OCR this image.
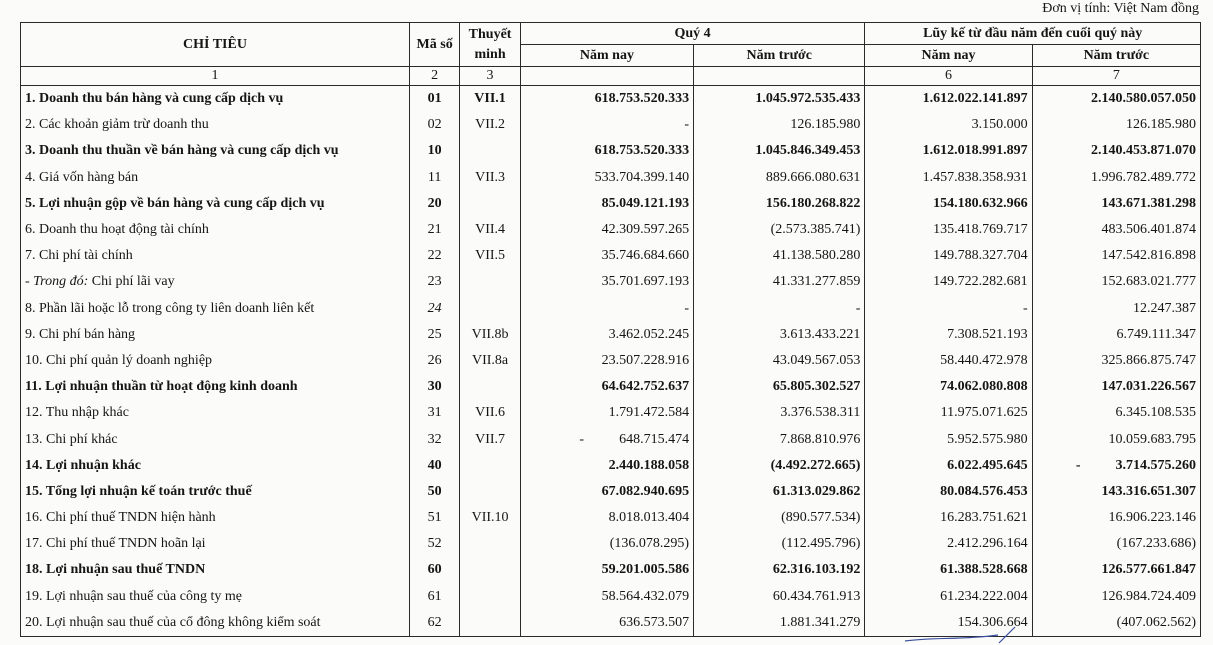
Đơn vị tính: Việt Nam đồng
CHỈ TIÊU	Mã số	Thuyết minh	Quý 4		Lũy kế từ đầu năm đến cuối quý này	
			Năm nay	Năm trước	Năm nay	Năm trước
1	2	3			6	7
1. Doanh thu bán hàng và cung cấp dịch vụ	01	VII.1	618.753.520.333	1.045.972.535.433	1.612.022.141.897	2.140.580.057.050
2. Các khoản giảm trừ doanh thu	02	VII.2	-	126.185.980	3.150.000	126.185.980
3. Doanh thu thuần về bán hàng và cung cấp dịch vụ	10		618.753.520.333	1.045.846.349.453	1.612.018.991.897	2.140.453.871.070
4. Giá vốn hàng bán	11	VII.3	533.704.399.140	889.666.080.631	1.457.838.358.931	1.996.782.489.772
5. Lợi nhuận gộp về bán hàng và cung cấp dịch vụ	20		85.049.121.193	156.180.268.822	154.180.632.966	143.671.381.298
6. Doanh thu hoạt động tài chính	21	VII.4	42.309.597.265	(2.573.385.741)	135.418.769.717	483.506.401.874
7. Chi phí tài chính	22	VII.5	35.746.684.660	41.138.580.280	149.788.327.704	147.542.816.898
- Trong đó: Chi phí lãi vay	23		35.701.697.193	41.331.277.859	149.722.282.681	152.683.021.777
8. Phần lãi hoặc lỗ trong công ty liên doanh liên kết	24		-	-	-	12.247.387
9. Chi phí bán hàng	25	VII.8b	3.462.052.245	3.613.433.221	7.308.521.193	6.749.111.347
10. Chi phí quản lý doanh nghiệp	26	VII.8a	23.507.228.916	43.049.567.053	58.440.472.978	325.866.875.747
11. Lợi nhuận thuần từ hoạt động kinh doanh	30		64.642.752.637	65.805.302.527	74.062.080.808	147.031.226.567
12. Thu nhập khác	31	VII.6	1.791.472.584	3.376.538.311	11.975.071.625	6.345.108.535
13. Chi phí khác	32	VII.7	-          648.715.474	7.868.810.976	5.952.575.980	10.059.683.795
14. Lợi nhuận khác	40		2.440.188.058	(4.492.272.665)	6.022.495.645	-          3.714.575.260
15. Tổng lợi nhuận kế toán trước thuế	50		67.082.940.695	61.313.029.862	80.084.576.453	143.316.651.307
16. Chi phí thuế TNDN hiện hành	51	VII.10	8.018.013.404	(890.577.534)	16.283.751.621	16.906.223.146
17. Chi phí thuế TNDN hoãn lại	52		(136.078.295)	(112.495.796)	2.412.296.164	(167.233.686)
18. Lợi nhuận sau thuế TNDN	60		59.201.005.586	62.316.103.192	61.388.528.668	126.577.661.847
19. Lợi nhuận sau thuế của công ty mẹ	61		58.564.432.079	60.434.761.913	61.234.222.004	126.984.724.409
20. Lợi nhuận sau thuế của cổ đông không kiểm soát	62		636.573.507	1.881.341.279	154.306.664	(407.062.562)
